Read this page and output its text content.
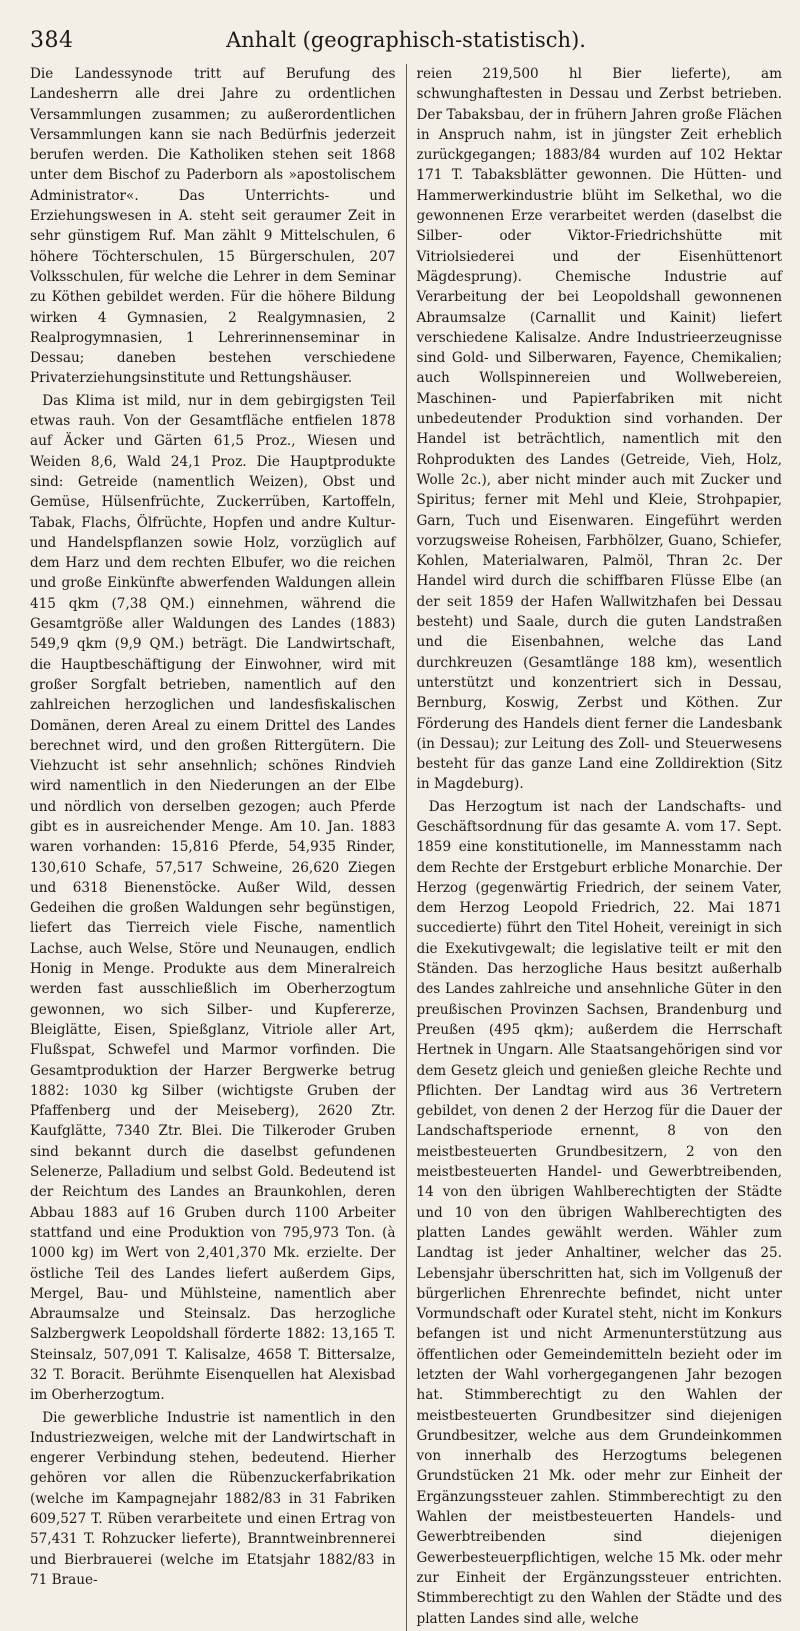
384	Anhalt (geographisch-statistisch).

Die Landessynode tritt auf Berufung des Landesherrn alle drei Jahre zu ordentlichen Versammlungen zusammen; zu außerordentlichen Versammlungen kann sie nach Bedürfnis jederzeit berufen werden. Die Katholiken stehen seit 1868 unter dem Bischof zu Paderborn als »apostolischem Administrator«. Das Unterrichts- und Erziehungswesen in A. steht seit geraumer Zeit in sehr günstigem Ruf. Man zählt 9 Mittelschulen, 6 höhere Töchterschulen, 15 Bürgerschulen, 207 Volksschulen, für welche die Lehrer in dem Seminar zu Köthen gebildet werden. Für die höhere Bildung wirken 4 Gymnasien, 2 Realgymnasien, 2 Realprogymnasien, 1 Lehrerinnenseminar in Dessau; daneben bestehen verschiedene Privaterziehungsinstitute und Rettungshäuser.

Das Klima ist mild, nur in dem gebirgigsten Teil etwas rauh. Von der Gesamtfläche entfielen 1878 auf Äcker und Gärten 61,5 Proz., Wiesen und Weiden 8,6, Wald 24,1 Proz. Die Hauptprodukte sind: Getreide (namentlich Weizen), Obst und Gemüse, Hülsenfrüchte, Zuckerrüben, Kartoffeln, Tabak, Flachs, Ölfrüchte, Hopfen und andre Kultur- und Handelspflanzen sowie Holz, vorzüglich auf dem Harz und dem rechten Elbufer, wo die reichen und große Einkünfte abwerfenden Waldungen allein 415 qkm (7,38 QM.) einnehmen, während die Gesamtgröße aller Waldungen des Landes (1883) 549,9 qkm (9,9 QM.) beträgt. Die Landwirtschaft, die Hauptbeschäftigung der Einwohner, wird mit großer Sorgfalt betrieben, namentlich auf den zahlreichen herzoglichen und landesfiskalischen Domänen, deren Areal zu einem Drittel des Landes berechnet wird, und den großen Rittergütern. Die Viehzucht ist sehr ansehnlich; schönes Rindvieh wird namentlich in den Niederungen an der Elbe und nördlich von derselben gezogen; auch Pferde gibt es in ausreichender Menge. Am 10. Jan. 1883 waren vorhanden: 15,816 Pferde, 54,935 Rinder, 130,610 Schafe, 57,517 Schweine, 26,620 Ziegen und 6318 Bienenstöcke. Außer Wild, dessen Gedeihen die großen Waldungen sehr begünstigen, liefert das Tierreich viele Fische, namentlich Lachse, auch Welse, Störe und Neunaugen, endlich Honig in Menge. Produkte aus dem Mineralreich werden fast ausschließlich im Oberherzogtum gewonnen, wo sich Silber- und Kupfererze, Bleiglätte, Eisen, Spießglanz, Vitriole aller Art, Flußspat, Schwefel und Marmor vorfinden. Die Gesamtproduktion der Harzer Bergwerke betrug 1882: 1030 kg Silber (wichtigste Gruben der Pfaffenberg und der Meiseberg), 2620 Ztr. Kaufglätte, 7340 Ztr. Blei. Die Tilkeroder Gruben sind bekannt durch die daselbst gefundenen Selenerze, Palladium und selbst Gold. Bedeutend ist der Reichtum des Landes an Braunkohlen, deren Abbau 1883 auf 16 Gruben durch 1100 Arbeiter stattfand und eine Produktion von 795,973 Ton. (à 1000 kg) im Wert von 2,401,370 Mk. erzielte. Der östliche Teil des Landes liefert außerdem Gips, Mergel, Bau- und Mühlsteine, namentlich aber Abraumsalze und Steinsalz. Das herzogliche Salzbergwerk Leopoldshall förderte 1882: 13,165 T. Steinsalz, 507,091 T. Kalisalze, 4658 T. Bittersalze, 32 T. Boracit. Berühmte Eisenquellen hat Alexisbad im Oberherzogtum.

Die gewerbliche Industrie ist namentlich in den Industriezweigen, welche mit der Landwirtschaft in engerer Verbindung stehen, bedeutend. Hierher gehören vor allen die Rübenzuckerfabrikation (welche im Kampagnejahr 1882/83 in 31 Fabriken 609,527 T. Rüben verarbeitete und einen Ertrag von 57,431 T. Rohzucker lieferte), Branntweinbrennerei und Bierbrauerei (welche im Etatsjahr 1882/83 in 71 Braue-

reien 219,500 hl Bier lieferte), am schwunghaftesten in Dessau und Zerbst betrieben. Der Tabaksbau, der in frühern Jahren große Flächen in Anspruch nahm, ist in jüngster Zeit erheblich zurückgegangen; 1883/84 wurden auf 102 Hektar 171 T. Tabaksblätter gewonnen. Die Hütten- und Hammerwerkindustrie blüht im Selkethal, wo die gewonnenen Erze verarbeitet werden (daselbst die Silber- oder Viktor-Friedrichshütte mit Vitriolsiederei und der Eisenhüttenort Mägdesprung). Chemische Industrie auf Verarbeitung der bei Leopoldshall gewonnenen Abraumsalze (Carnallit und Kainit) liefert verschiedene Kalisalze. Andre Industrieerzeugnisse sind Gold- und Silberwaren, Fayence, Chemikalien; auch Wollspinnereien und Wollwebereien, Maschinen- und Papierfabriken mit nicht unbedeutender Produktion sind vorhanden. Der Handel ist beträchtlich, namentlich mit den Rohprodukten des Landes (Getreide, Vieh, Holz, Wolle 2c.), aber nicht minder auch mit Zucker und Spiritus; ferner mit Mehl und Kleie, Strohpapier, Garn, Tuch und Eisenwaren. Eingeführt werden vorzugsweise Roheisen, Farbhölzer, Guano, Schiefer, Kohlen, Materialwaren, Palmöl, Thran 2c. Der Handel wird durch die schiffbaren Flüsse Elbe (an der seit 1859 der Hafen Wallwitzhafen bei Dessau besteht) und Saale, durch die guten Landstraßen und die Eisenbahnen, welche das Land durchkreuzen (Gesamtlänge 188 km), wesentlich unterstützt und konzentriert sich in Dessau, Bernburg, Koswig, Zerbst und Köthen. Zur Förderung des Handels dient ferner die Landesbank (in Dessau); zur Leitung des Zoll- und Steuerwesens besteht für das ganze Land eine Zolldirektion (Sitz in Magdeburg).

Das Herzogtum ist nach der Landschafts- und Geschäftsordnung für das gesamte A. vom 17. Sept. 1859 eine konstitutionelle, im Mannesstamm nach dem Rechte der Erstgeburt erbliche Monarchie. Der Herzog (gegenwärtig Friedrich, der seinem Vater, dem Herzog Leopold Friedrich, 22. Mai 1871 succedierte) führt den Titel Hoheit, vereinigt in sich die Exekutivgewalt; die legislative teilt er mit den Ständen. Das herzogliche Haus besitzt außerhalb des Landes zahlreiche und ansehnliche Güter in den preußischen Provinzen Sachsen, Brandenburg und Preußen (495 qkm); außerdem die Herrschaft Hertnek in Ungarn. Alle Staatsangehörigen sind vor dem Gesetz gleich und genießen gleiche Rechte und Pflichten. Der Landtag wird aus 36 Vertretern gebildet, von denen 2 der Herzog für die Dauer der Landschaftsperiode ernennt, 8 von den meistbesteuerten Grundbesitzern, 2 von den meistbesteuerten Handel- und Gewerbtreibenden, 14 von den übrigen Wahlberechtigten der Städte und 10 von den übrigen Wahlberechtigten des platten Landes gewählt werden. Wähler zum Landtag ist jeder Anhaltiner, welcher das 25. Lebensjahr überschritten hat, sich im Vollgenuß der bürgerlichen Ehrenrechte befindet, nicht unter Vormundschaft oder Kuratel steht, nicht im Konkurs befangen ist und nicht Armenunterstützung aus öffentlichen oder Gemeindemitteln bezieht oder im letzten der Wahl vorhergegangenen Jahr bezogen hat. Stimmberechtigt zu den Wahlen der meistbesteuerten Grundbesitzer sind diejenigen Grundbesitzer, welche aus dem Grundeinkommen von innerhalb des Herzogtums belegenen Grundstücken 21 Mk. oder mehr zur Einheit der Ergänzungssteuer zahlen. Stimmberechtigt zu den Wahlen der meistbesteuerten Handels- und Gewerbtreibenden sind diejenigen Gewerbesteuerpflichtigen, welche 15 Mk. oder mehr zur Einheit der Ergänzungssteuer entrichten. Stimmberechtigt zu den Wahlen der Städte und des platten Landes sind alle, welche
